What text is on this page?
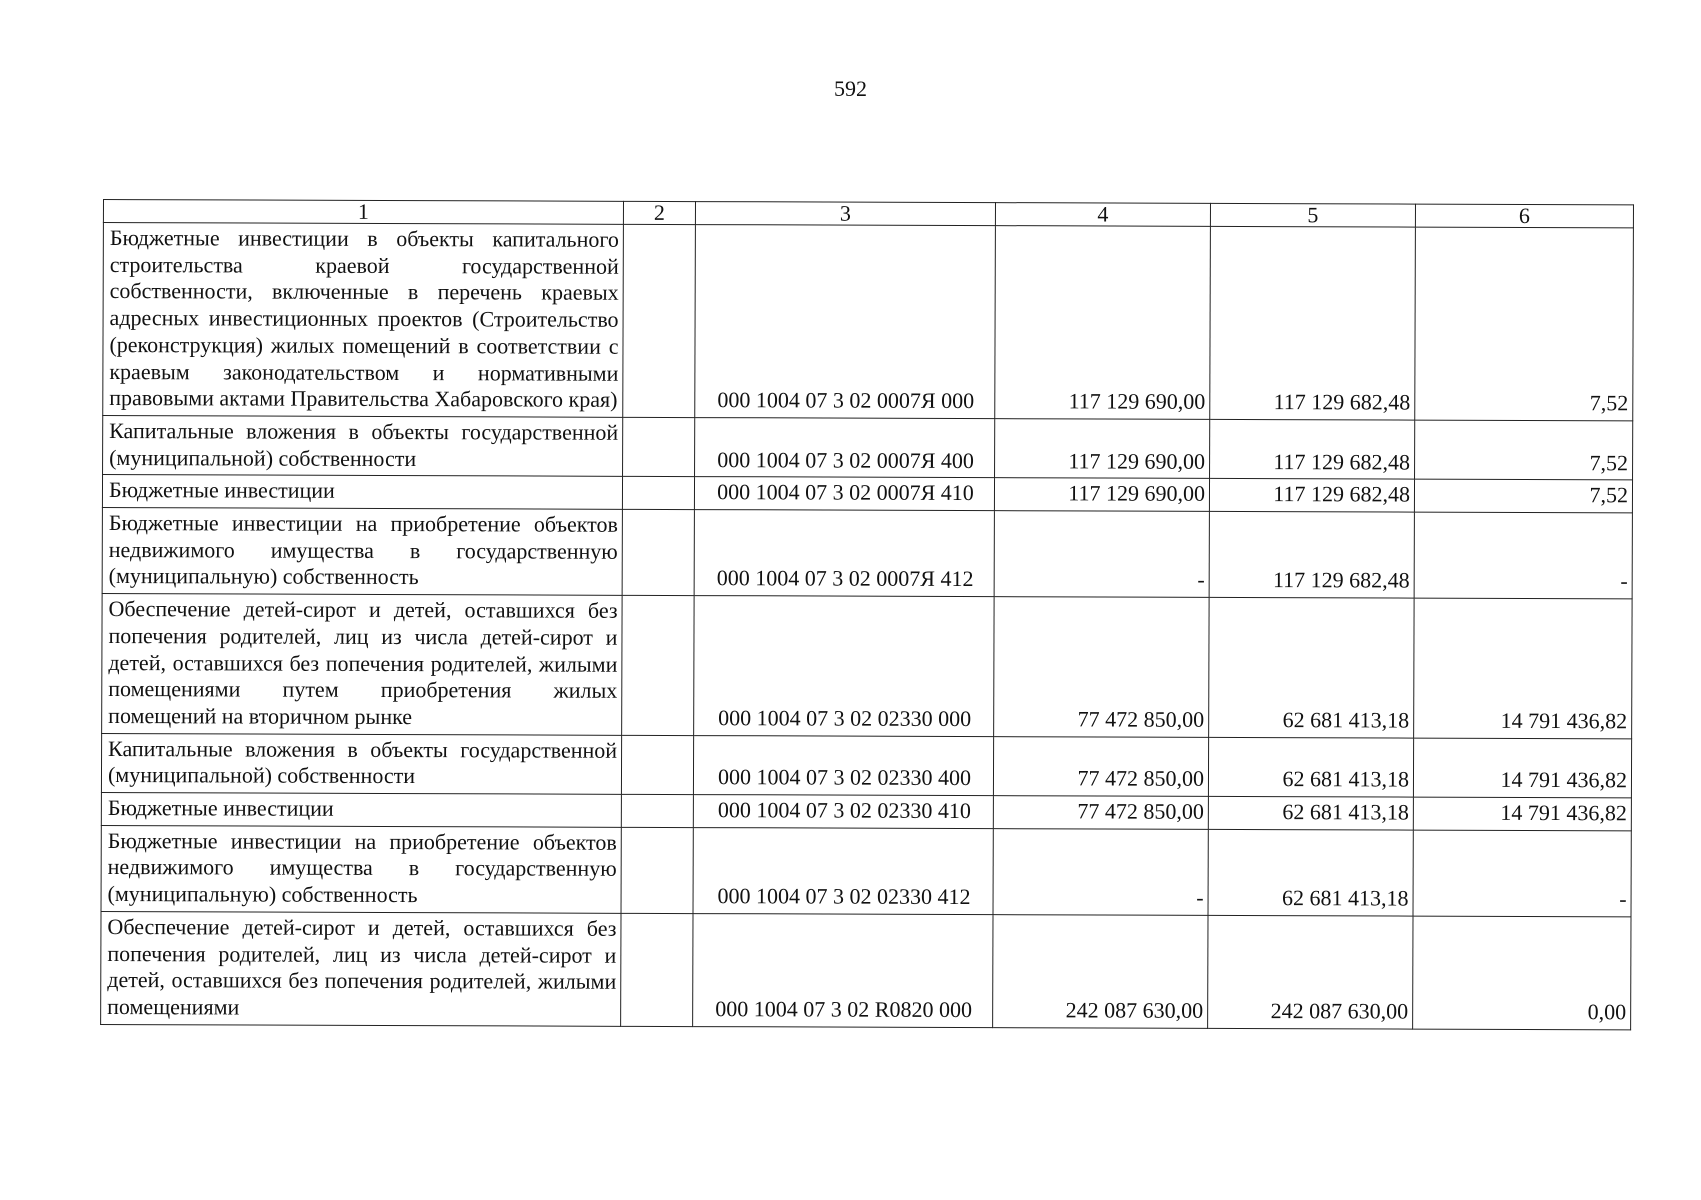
592
1	2	3	4	5	6
Бюджетные инвестиции в объекты капитального строительства краевой государственной собственности, включенные в перечень краевых адресных инвестиционных проектов (Строительство (реконструкция) жилых помещений в соответствии с краевым законодательством и нормативными правовыми актами Правительства Хабаровского края)		000 1004 07 3 02 0007Я 000	117 129 690,00	117 129 682,48	7,52
Капитальные вложения в объекты государственной (муниципальной) собственности		000 1004 07 3 02 0007Я 400	117 129 690,00	117 129 682,48	7,52
Бюджетные инвестиции		000 1004 07 3 02 0007Я 410	117 129 690,00	117 129 682,48	7,52
Бюджетные инвестиции на приобретение объектов недвижимого имущества в государственную (муниципальную) собственность		000 1004 07 3 02 0007Я 412	-	117 129 682,48	-
Обеспечение детей-сирот и детей, оставшихся без попечения родителей, лиц из числа детей-сирот и детей, оставшихся без попечения родителей, жилыми помещениями путем приобретения жилых помещений на вторичном рынке		000 1004 07 3 02 02330 000	77 472 850,00	62 681 413,18	14 791 436,82
Капитальные вложения в объекты государственной (муниципальной) собственности		000 1004 07 3 02 02330 400	77 472 850,00	62 681 413,18	14 791 436,82
Бюджетные инвестиции		000 1004 07 3 02 02330 410	77 472 850,00	62 681 413,18	14 791 436,82
Бюджетные инвестиции на приобретение объектов недвижимого имущества в государственную (муниципальную) собственность		000 1004 07 3 02 02330 412	-	62 681 413,18	-
Обеспечение детей-сирот и детей, оставшихся без попечения родителей, лиц из числа детей-сирот и детей, оставшихся без попечения родителей, жилыми помещениями		000 1004 07 3 02 R0820 000	242 087 630,00	242 087 630,00	0,00
